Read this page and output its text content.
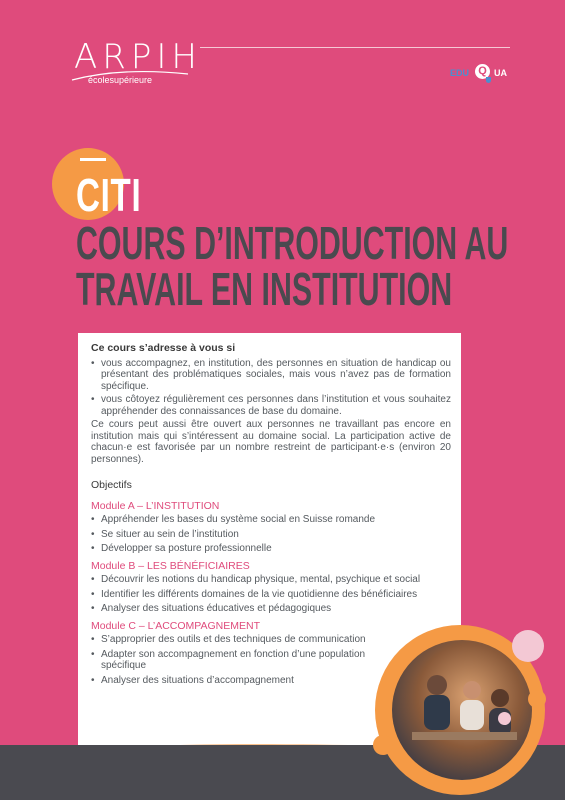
ARPIH
écolesupérieure
EDU Q UA
CITI
COURS D’INTRODUCTION AU
TRAVAIL EN INSTITUTION
Ce cours s’adresse à vous si
• vous accompagnez, en institution, des personnes en situation de handicap ou présentant des problématiques sociales, mais vous n’avez pas de formation spécifique.
• vous côtoyez régulièrement ces personnes dans l’institution et vous souhaitez appréhender des connaissances de base du domaine.

Ce cours peut aussi être ouvert aux personnes ne travaillant pas encore en institution mais qui s’intéressent au domaine social. La participation active de chacun·e est favorisée par un nombre restreint de participant·e·s (environ 20 personnes).

Objectifs
Module A – L’INSTITUTION
• Appréhender les bases du système social en Suisse romande
• Se situer au sein de l’institution
• Développer sa posture professionnelle
Module B – LES BÉNÉFICIAIRES
• Découvrir les notions du handicap physique, mental, psychique et social
• Identifier les différents domaines de la vie quotidienne des bénéficiaires
• Analyser des situations éducatives et pédagogiques
Module C – L’ACCOMPAGNEMENT
• S’approprier des outils et des techniques de communication
• Adapter son accompagnement en fonction d’une population spécifique
• Analyser des situations d’accompagnement
